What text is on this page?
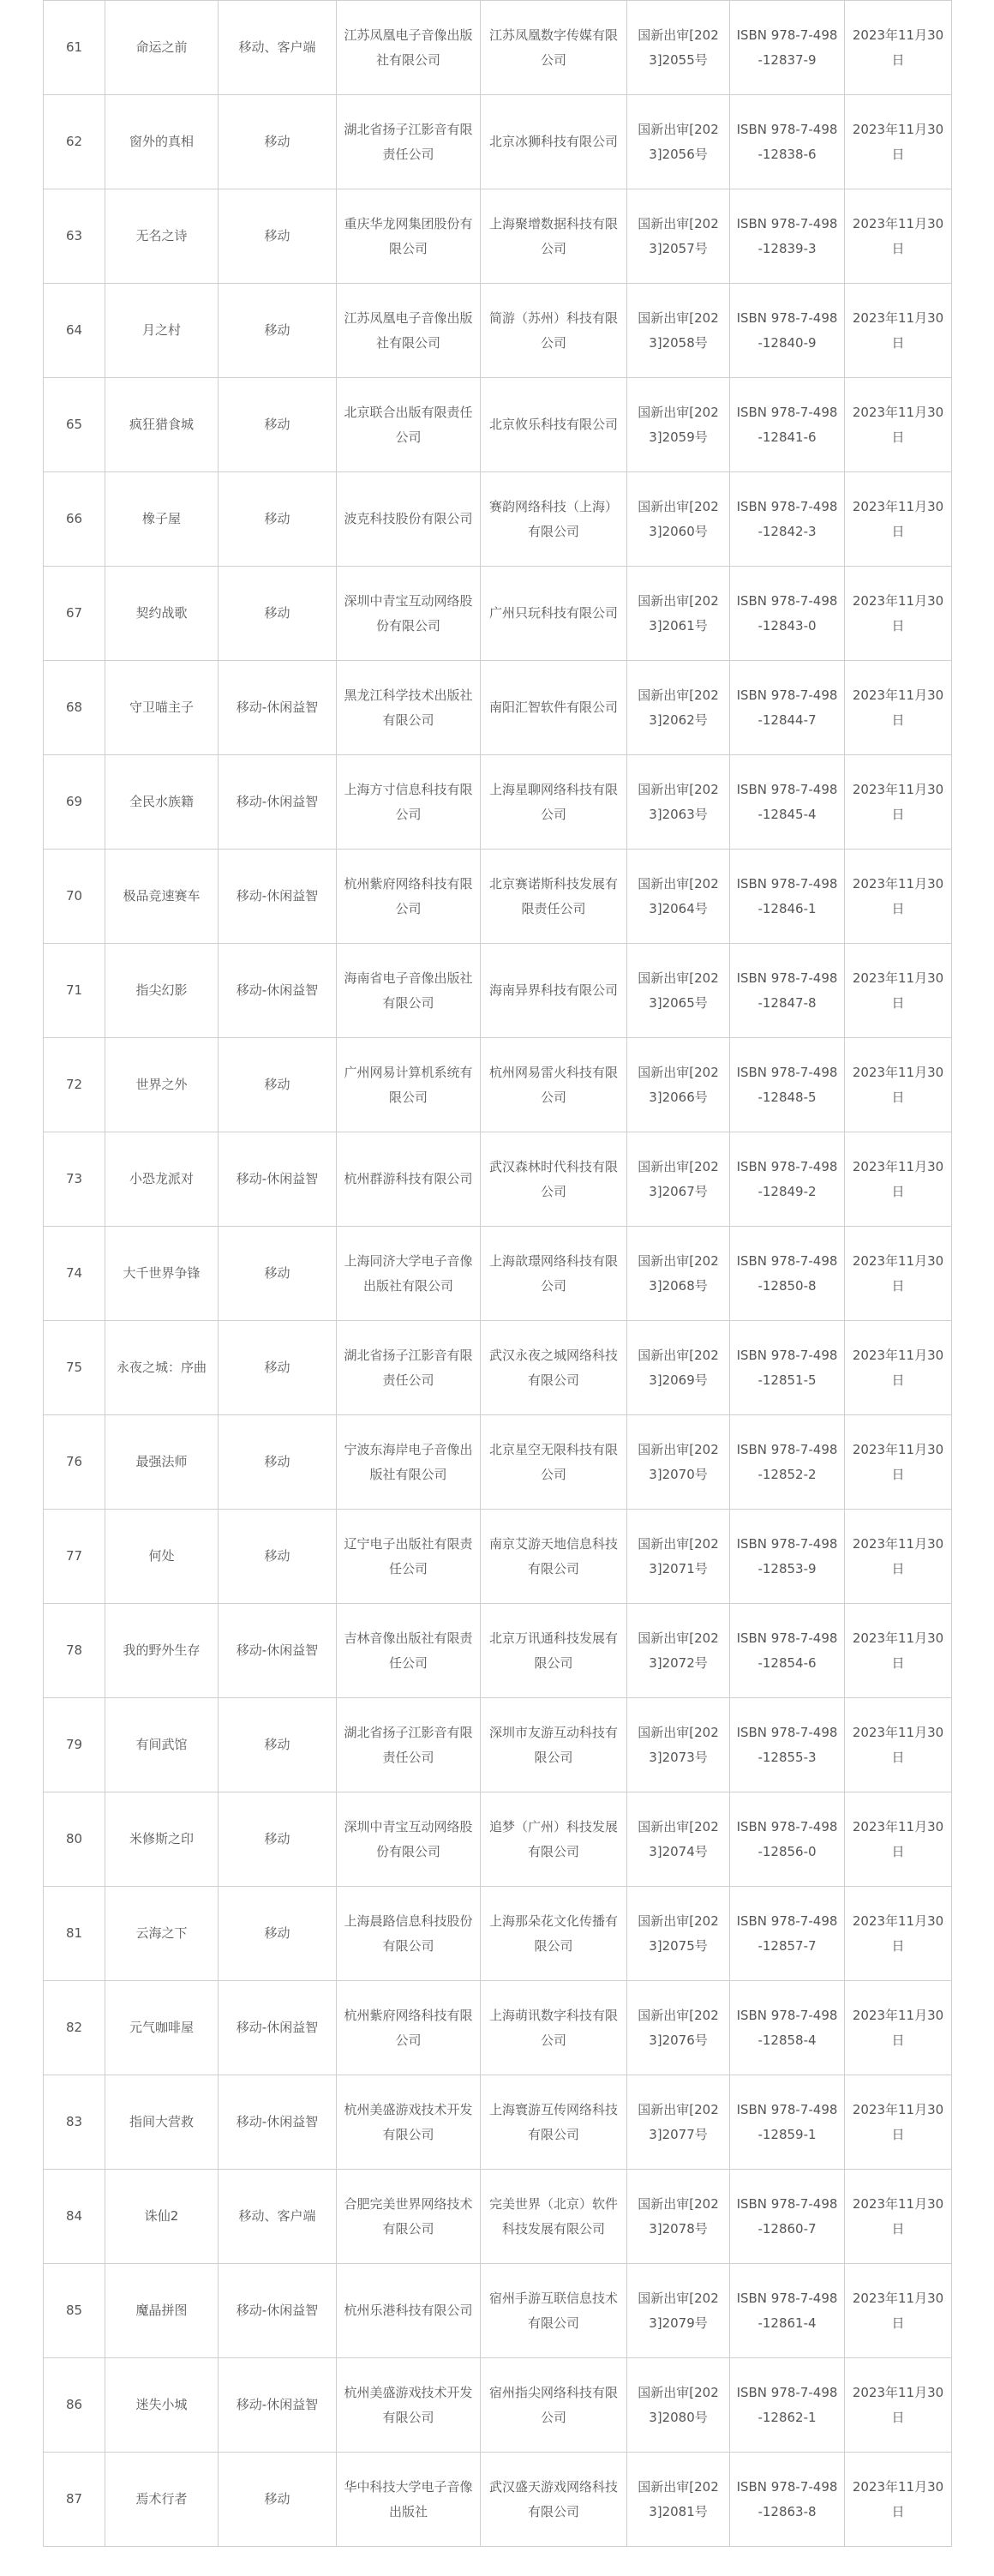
61	命运之前	移动、客户端	江苏凤凰电子音像出版社有限公司	江苏凤凰数字传媒有限公司	国新出审[2023]2055号	ISBN 978-7-498-12837-9	2023年11月30日
62	窗外的真相	移动	湖北省扬子江影音有限责任公司	北京冰狮科技有限公司	国新出审[2023]2056号	ISBN 978-7-498-12838-6	2023年11月30日
63	无名之诗	移动	重庆华龙网集团股份有限公司	上海聚增数据科技有限公司	国新出审[2023]2057号	ISBN 978-7-498-12839-3	2023年11月30日
64	月之村	移动	江苏凤凰电子音像出版社有限公司	简游（苏州）科技有限公司	国新出审[2023]2058号	ISBN 978-7-498-12840-9	2023年11月30日
65	疯狂猎食城	移动	北京联合出版有限责任公司	北京攸乐科技有限公司	国新出审[2023]2059号	ISBN 978-7-498-12841-6	2023年11月30日
66	橡子屋	移动	波克科技股份有限公司	赛韵网络科技（上海）有限公司	国新出审[2023]2060号	ISBN 978-7-498-12842-3	2023年11月30日
67	契约战歌	移动	深圳中青宝互动网络股份有限公司	广州只玩科技有限公司	国新出审[2023]2061号	ISBN 978-7-498-12843-0	2023年11月30日
68	守卫喵主子	移动-休闲益智	黑龙江科学技术出版社有限公司	南阳汇智软件有限公司	国新出审[2023]2062号	ISBN 978-7-498-12844-7	2023年11月30日
69	全民水族籍	移动-休闲益智	上海方寸信息科技有限公司	上海星聊网络科技有限公司	国新出审[2023]2063号	ISBN 978-7-498-12845-4	2023年11月30日
70	极品竞速赛车	移动-休闲益智	杭州紫府网络科技有限公司	北京赛诺斯科技发展有限责任公司	国新出审[2023]2064号	ISBN 978-7-498-12846-1	2023年11月30日
71	指尖幻影	移动-休闲益智	海南省电子音像出版社有限公司	海南异界科技有限公司	国新出审[2023]2065号	ISBN 978-7-498-12847-8	2023年11月30日
72	世界之外	移动	广州网易计算机系统有限公司	杭州网易雷火科技有限公司	国新出审[2023]2066号	ISBN 978-7-498-12848-5	2023年11月30日
73	小恐龙派对	移动-休闲益智	杭州群游科技有限公司	武汉森林时代科技有限公司	国新出审[2023]2067号	ISBN 978-7-498-12849-2	2023年11月30日
74	大千世界争锋	移动	上海同济大学电子音像出版社有限公司	上海歆璟网络科技有限公司	国新出审[2023]2068号	ISBN 978-7-498-12850-8	2023年11月30日
75	永夜之城：序曲	移动	湖北省扬子江影音有限责任公司	武汉永夜之城网络科技有限公司	国新出审[2023]2069号	ISBN 978-7-498-12851-5	2023年11月30日
76	最强法师	移动	宁波东海岸电子音像出版社有限公司	北京星空无限科技有限公司	国新出审[2023]2070号	ISBN 978-7-498-12852-2	2023年11月30日
77	何处	移动	辽宁电子出版社有限责任公司	南京艾游天地信息科技有限公司	国新出审[2023]2071号	ISBN 978-7-498-12853-9	2023年11月30日
78	我的野外生存	移动-休闲益智	吉林音像出版社有限责任公司	北京万讯通科技发展有限公司	国新出审[2023]2072号	ISBN 978-7-498-12854-6	2023年11月30日
79	有间武馆	移动	湖北省扬子江影音有限责任公司	深圳市友游互动科技有限公司	国新出审[2023]2073号	ISBN 978-7-498-12855-3	2023年11月30日
80	米修斯之印	移动	深圳中青宝互动网络股份有限公司	追梦（广州）科技发展有限公司	国新出审[2023]2074号	ISBN 978-7-498-12856-0	2023年11月30日
81	云海之下	移动	上海晨路信息科技股份有限公司	上海那朵花文化传播有限公司	国新出审[2023]2075号	ISBN 978-7-498-12857-7	2023年11月30日
82	元气咖啡屋	移动-休闲益智	杭州紫府网络科技有限公司	上海萌讯数字科技有限公司	国新出审[2023]2076号	ISBN 978-7-498-12858-4	2023年11月30日
83	指间大营救	移动-休闲益智	杭州美盛游戏技术开发有限公司	上海寰游互传网络科技有限公司	国新出审[2023]2077号	ISBN 978-7-498-12859-1	2023年11月30日
84	诛仙2	移动、客户端	合肥完美世界网络技术有限公司	完美世界（北京）软件科技发展有限公司	国新出审[2023]2078号	ISBN 978-7-498-12860-7	2023年11月30日
85	魔晶拼图	移动-休闲益智	杭州乐港科技有限公司	宿州手游互联信息技术有限公司	国新出审[2023]2079号	ISBN 978-7-498-12861-4	2023年11月30日
86	迷失小城	移动-休闲益智	杭州美盛游戏技术开发有限公司	宿州指尖网络科技有限公司	国新出审[2023]2080号	ISBN 978-7-498-12862-1	2023年11月30日
87	焉术行者	移动	华中科技大学电子音像出版社	武汉盛天游戏网络科技有限公司	国新出审[2023]2081号	ISBN 978-7-498-12863-8	2023年11月30日
